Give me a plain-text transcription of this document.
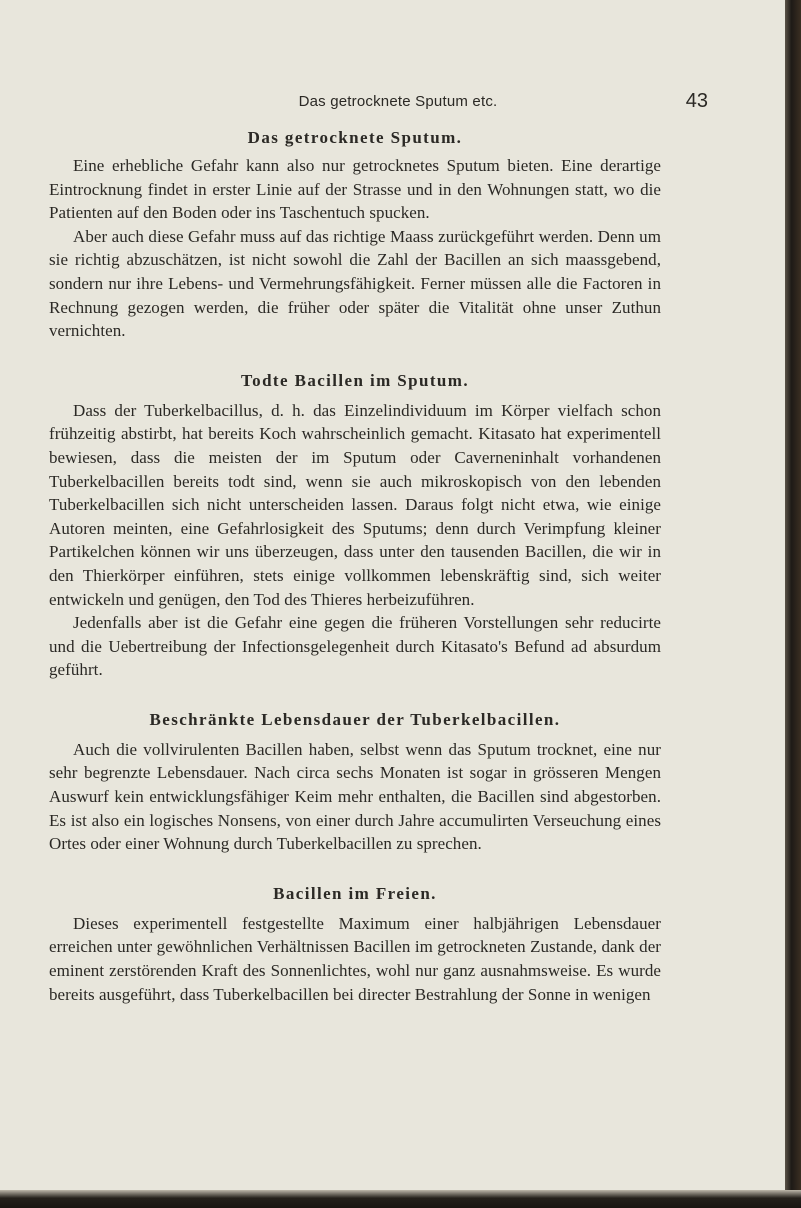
Das getrocknete Sputum etc.	43
Das getrocknete Sputum.

Eine erhebliche Gefahr kann also nur getrocknetes Sputum bieten. Eine derartige Eintrocknung findet in erster Linie auf der Strasse und in den Wohnungen statt, wo die Patienten auf den Boden oder ins Taschentuch spucken.

Aber auch diese Gefahr muss auf das richtige Maass zurückgeführt werden. Denn um sie richtig abzuschätzen, ist nicht sowohl die Zahl der Bacillen an sich maassgebend, sondern nur ihre Lebens- und Vermehrungsfähigkeit. Ferner müssen alle die Factoren in Rechnung gezogen werden, die früher oder später die Vitalität ohne unser Zuthun vernichten.

Todte Bacillen im Sputum.

Dass der Tuberkelbacillus, d. h. das Einzelindividuum im Körper vielfach schon frühzeitig abstirbt, hat bereits Koch wahrscheinlich gemacht. Kitasato hat experimentell bewiesen, dass die meisten der im Sputum oder Caverneninhalt vorhandenen Tuberkelbacillen bereits todt sind, wenn sie auch mikroskopisch von den lebenden Tuberkelbacillen sich nicht unterscheiden lassen. Daraus folgt nicht etwa, wie einige Autoren meinten, eine Gefahrlosigkeit des Sputums; denn durch Verimpfung kleiner Partikelchen können wir uns überzeugen, dass unter den tausenden Bacillen, die wir in den Thierkörper einführen, stets einige vollkommen lebenskräftig sind, sich weiter entwickeln und genügen, den Tod des Thieres herbeizuführen.

Jedenfalls aber ist die Gefahr eine gegen die früheren Vorstellungen sehr reducirte und die Uebertreibung der Infectionsgelegenheit durch Kitasato's Befund ad absurdum geführt.

Beschränkte Lebensdauer der Tuberkelbacillen.

Auch die vollvirulenten Bacillen haben, selbst wenn das Sputum trocknet, eine nur sehr begrenzte Lebensdauer. Nach circa sechs Monaten ist sogar in grösseren Mengen Auswurf kein entwicklungsfähiger Keim mehr enthalten, die Bacillen sind abgestorben. Es ist also ein logisches Nonsens, von einer durch Jahre accumulirten Verseuchung eines Ortes oder einer Wohnung durch Tuberkelbacillen zu sprechen.

Bacillen im Freien.

Dieses experimentell festgestellte Maximum einer halbjährigen Lebensdauer erreichen unter gewöhnlichen Verhältnissen Bacillen im getrockneten Zustande, dank der eminent zerstörenden Kraft des Sonnenlichtes, wohl nur ganz ausnahmsweise. Es wurde bereits ausgeführt, dass Tuberkelbacillen bei directer Bestrahlung der Sonne in wenigen
